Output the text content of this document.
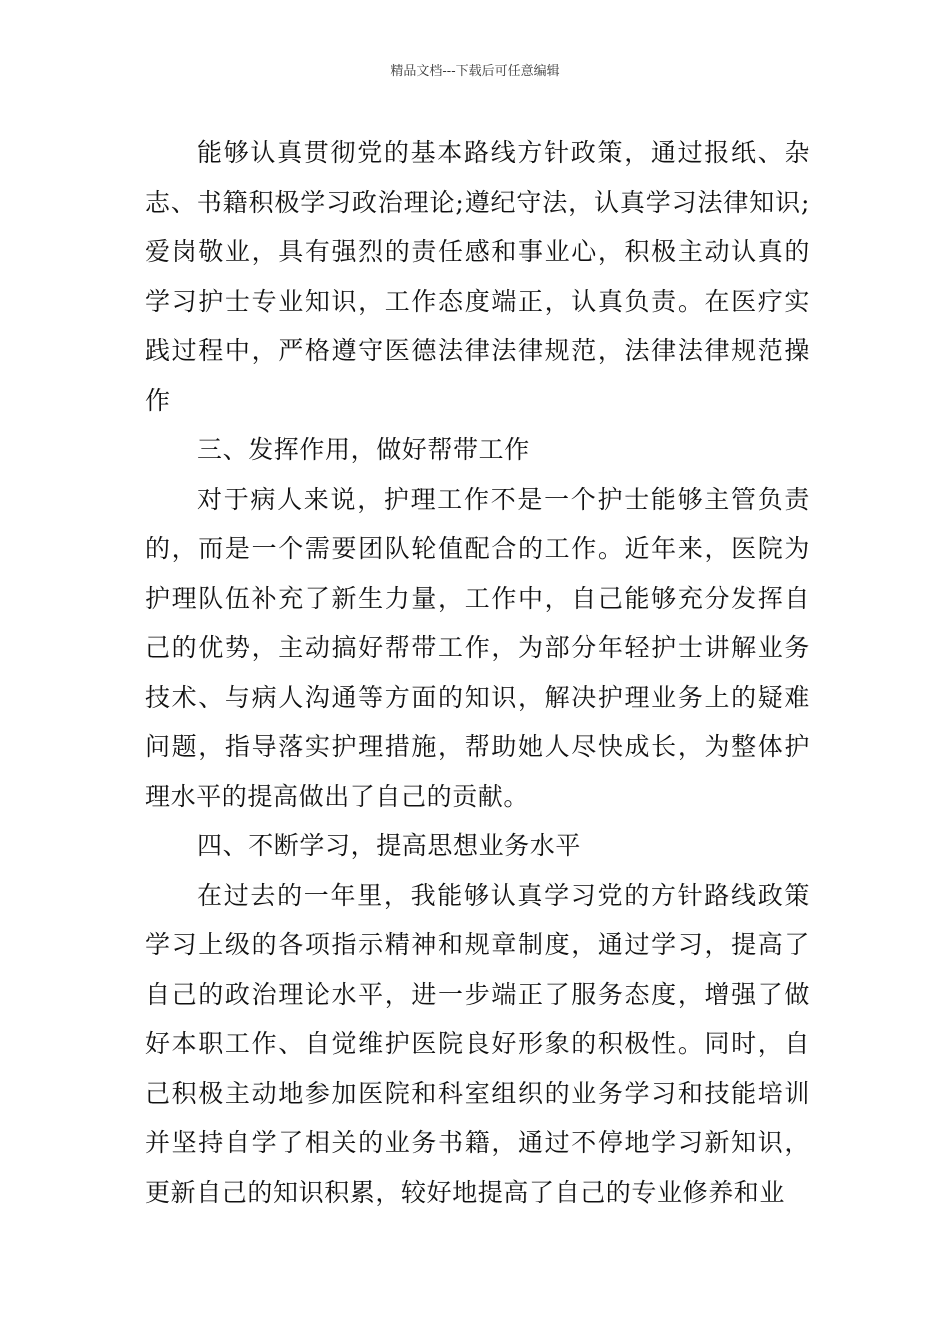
精品文档---下载后可任意编辑

能够认真贯彻党的基本路线方针政策，通过报纸、杂志、书籍积极学习政治理论;遵纪守法，认真学习法律知识;爱岗敬业，具有强烈的责任感和事业心，积极主动认真的学习护士专业知识，工作态度端正，认真负责。在医疗实践过程中，严格遵守医德法律法律规范，法律法律规范操作

三、发挥作用，做好帮带工作

对于病人来说，护理工作不是一个护士能够主管负责的，而是一个需要团队轮值配合的工作。近年来，医院为护理队伍补充了新生力量，工作中，自己能够充分发挥自己的优势，主动搞好帮带工作，为部分年轻护士讲解业务技术、与病人沟通等方面的知识，解决护理业务上的疑难问题，指导落实护理措施，帮助她人尽快成长，为整体护理水平的提高做出了自己的贡献。

四、不断学习，提高思想业务水平

在过去的一年里，我能够认真学习党的方针路线政策学习上级的各项指示精神和规章制度，通过学习，提高了自己的政治理论水平，进一步端正了服务态度，增强了做好本职工作、自觉维护医院良好形象的积极性。同时，自己积极主动地参加医院和科室组织的业务学习和技能培训并坚持自学了相关的业务书籍，通过不停地学习新知识，更新自己的知识积累，较好地提高了自己的专业修养和业
